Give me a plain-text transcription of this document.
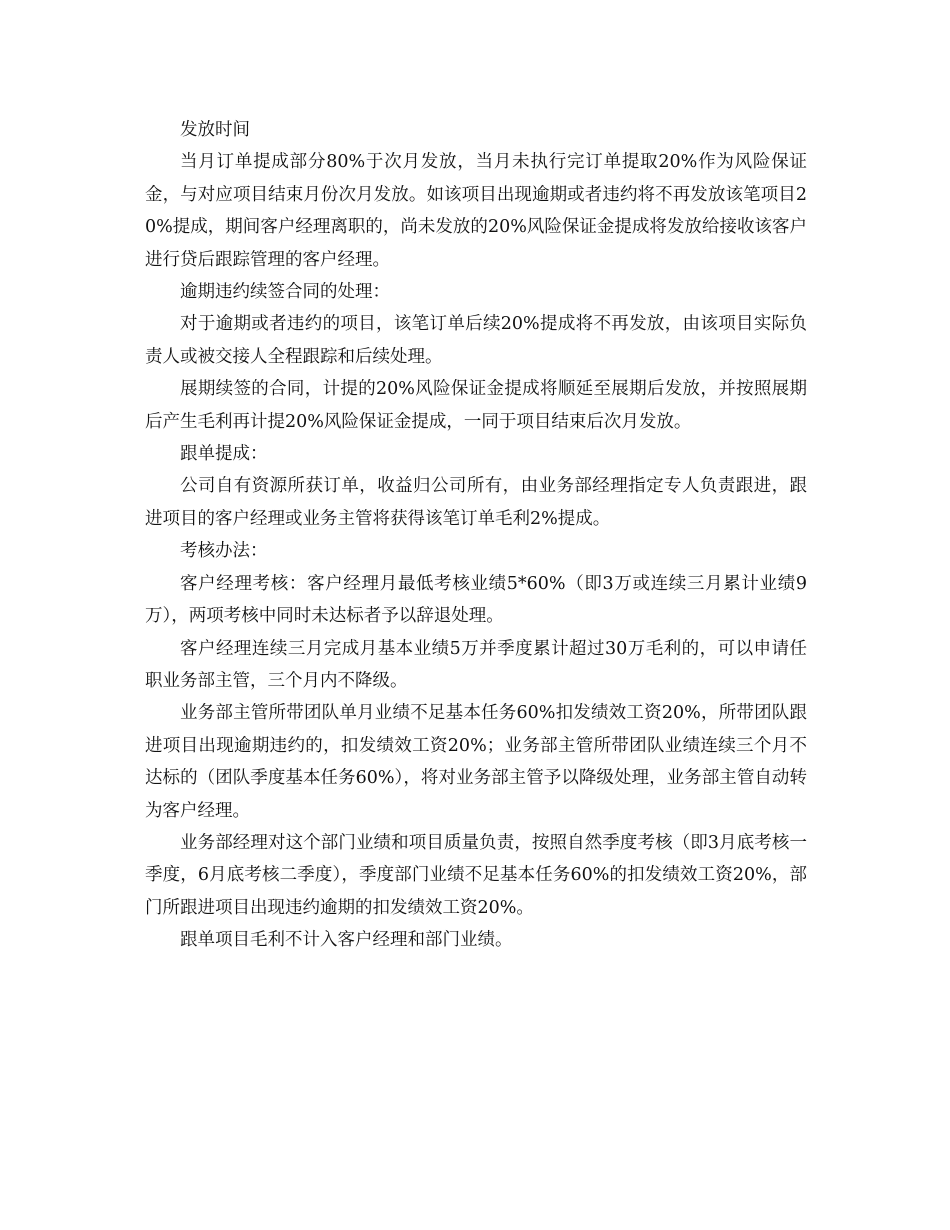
发放时间

当月订单提成部分80%于次月发放，当月未执行完订单提取20%作为风险保证金，与对应项目结束月份次月发放。如该项目出现逾期或者违约将不再发放该笔项目20%提成，期间客户经理离职的，尚未发放的20%风险保证金提成将发放给接收该客户进行贷后跟踪管理的客户经理。

逾期违约续签合同的处理：

对于逾期或者违约的项目，该笔订单后续20%提成将不再发放，由该项目实际负责人或被交接人全程跟踪和后续处理。

展期续签的合同，计提的20%风险保证金提成将顺延至展期后发放，并按照展期后产生毛利再计提20%风险保证金提成，一同于项目结束后次月发放。

跟单提成：

公司自有资源所获订单，收益归公司所有，由业务部经理指定专人负责跟进，跟进项目的客户经理或业务主管将获得该笔订单毛利2%提成。

考核办法：

客户经理考核：客户经理月最低考核业绩5*60%（即3万或连续三月累计业绩9万），两项考核中同时未达标者予以辞退处理。

客户经理连续三月完成月基本业绩5万并季度累计超过30万毛利的，可以申请任职业务部主管，三个月内不降级。

业务部主管所带团队单月业绩不足基本任务60%扣发绩效工资20%，所带团队跟进项目出现逾期违约的，扣发绩效工资20%；业务部主管所带团队业绩连续三个月不达标的（团队季度基本任务60%），将对业务部主管予以降级处理，业务部主管自动转为客户经理。

业务部经理对这个部门业绩和项目质量负责，按照自然季度考核（即3月底考核一季度，6月底考核二季度），季度部门业绩不足基本任务60%的扣发绩效工资20%，部门所跟进项目出现违约逾期的扣发绩效工资20%。

跟单项目毛利不计入客户经理和部门业绩。
